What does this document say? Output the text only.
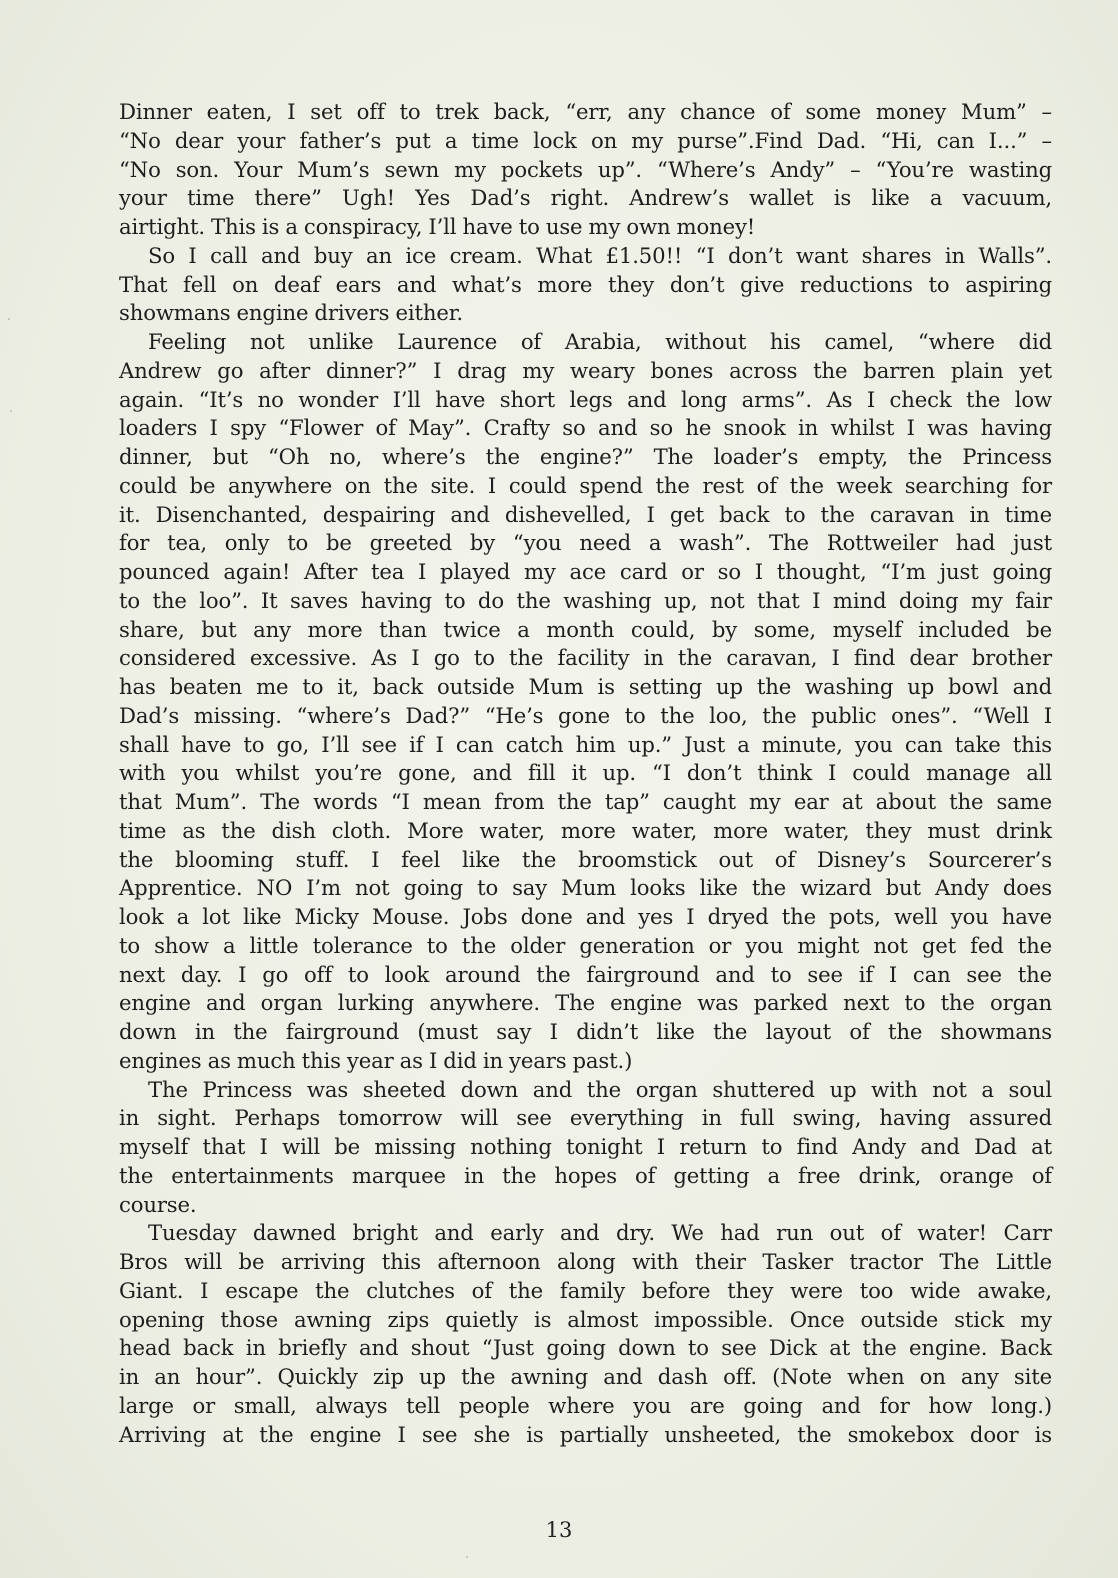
Dinner eaten, I set off to trek back, “err, any chance of some money Mum” –
“No dear your father’s put a time lock on my purse”.Find Dad. “Hi, can I...” –
“No son. Your Mum’s sewn my pockets up”. “Where’s Andy” – “You’re wasting
your time there” Ugh! Yes Dad’s right. Andrew’s wallet is like a vacuum,
airtight. This is a conspiracy, I’ll have to use my own money!
So I call and buy an ice cream. What £1.50!! “I don’t want shares in Walls”.
That fell on deaf ears and what’s more they don’t give reductions to aspiring
showmans engine drivers either.
Feeling not unlike Laurence of Arabia, without his camel, “where did
Andrew go after dinner?” I drag my weary bones across the barren plain yet
again. “It’s no wonder I’ll have short legs and long arms”. As I check the low
loaders I spy “Flower of May”. Crafty so and so he snook in whilst I was having
dinner, but “Oh no, where’s the engine?” The loader’s empty, the Princess
could be anywhere on the site. I could spend the rest of the week searching for
it. Disenchanted, despairing and dishevelled, I get back to the caravan in time
for tea, only to be greeted by “you need a wash”. The Rottweiler had just
pounced again! After tea I played my ace card or so I thought, “I’m just going
to the loo”. It saves having to do the washing up, not that I mind doing my fair
share, but any more than twice a month could, by some, myself included be
considered excessive. As I go to the facility in the caravan, I find dear brother
has beaten me to it, back outside Mum is setting up the washing up bowl and
Dad’s missing. “where’s Dad?” “He’s gone to the loo, the public ones”. “Well I
shall have to go, I’ll see if I can catch him up.” Just a minute, you can take this
with you whilst you’re gone, and fill it up. “I don’t think I could manage all
that Mum”. The words “I mean from the tap” caught my ear at about the same
time as the dish cloth. More water, more water, more water, they must drink
the blooming stuff. I feel like the broomstick out of Disney’s Sourcerer’s
Apprentice. NO I’m not going to say Mum looks like the wizard but Andy does
look a lot like Micky Mouse. Jobs done and yes I dryed the pots, well you have
to show a little tolerance to the older generation or you might not get fed the
next day. I go off to look around the fairground and to see if I can see the
engine and organ lurking anywhere. The engine was parked next to the organ
down in the fairground (must say I didn’t like the layout of the showmans
engines as much this year as I did in years past.)
The Princess was sheeted down and the organ shuttered up with not a soul
in sight. Perhaps tomorrow will see everything in full swing, having assured
myself that I will be missing nothing tonight I return to find Andy and Dad at
the entertainments marquee in the hopes of getting a free drink, orange of
course.
Tuesday dawned bright and early and dry. We had run out of water! Carr
Bros will be arriving this afternoon along with their Tasker tractor The Little
Giant. I escape the clutches of the family before they were too wide awake,
opening those awning zips quietly is almost impossible. Once outside stick my
head back in briefly and shout “Just going down to see Dick at the engine. Back
in an hour”. Quickly zip up the awning and dash off. (Note when on any site
large or small, always tell people where you are going and for how long.)
Arriving at the engine I see she is partially unsheeted, the smokebox door is
13
